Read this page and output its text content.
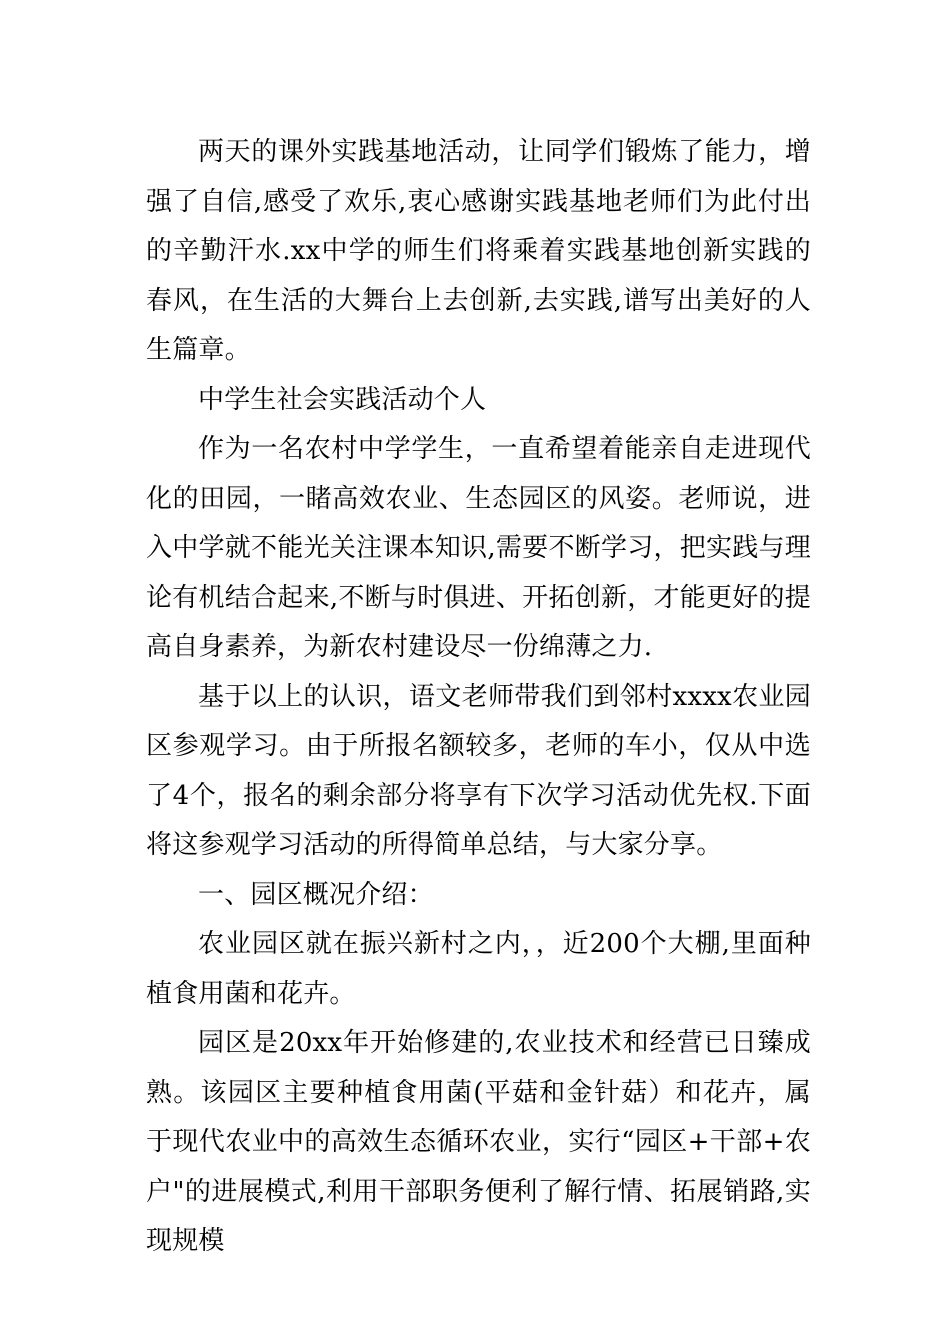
两天的课外实践基地活动，让同学们锻炼了能力，增强了自信,感受了欢乐,衷心感谢实践基地老师们为此付出的辛勤汗水.xx中学的师生们将乘着实践基地创新实践的春风，在生活的大舞台上去创新,去实践,谱写出美好的人生篇章。

中学生社会实践活动个人

作为一名农村中学学生，一直希望着能亲自走进现代化的田园，一睹高效农业、生态园区的风姿。老师说，进入中学就不能光关注课本知识,需要不断学习，把实践与理论有机结合起来,不断与时俱进、开拓创新，才能更好的提高自身素养，为新农村建设尽一份绵薄之力.

基于以上的认识，语文老师带我们到邻村xxxx农业园区参观学习。由于所报名额较多，老师的车小，仅从中选了4个，报名的剩余部分将享有下次学习活动优先权.下面将这参观学习活动的所得简单总结，与大家分享。

一、园区概况介绍：

农业园区就在振兴新村之内，，近200个大棚,里面种植食用菌和花卉。

园区是20xx年开始修建的,农业技术和经营已日臻成熟。该园区主要种植食用菌(平菇和金针菇）和花卉，属于现代农业中的高效生态循环农业，实行“园区+干部+农户"的进展模式,利用干部职务便利了解行情、拓展销路,实现规模
